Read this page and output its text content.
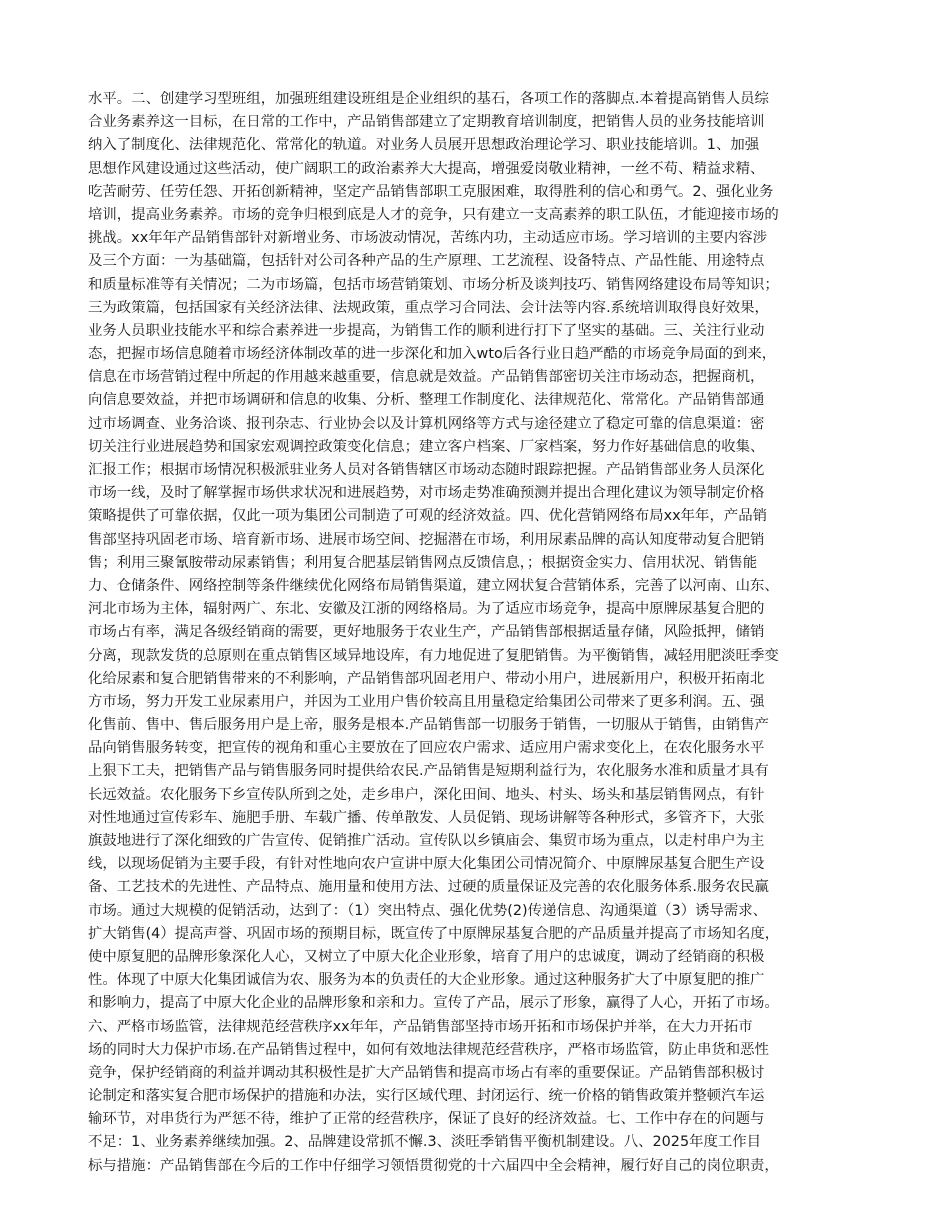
水平。二、创建学习型班组，加强班组建设班组是企业组织的基石，各项工作的落脚点.本着提高销售人员综
合业务素养这一目标，在日常的工作中，产品销售部建立了定期教育培训制度，把销售人员的业务技能培训
纳入了制度化、法律规范化、常常化的轨道。对业务人员展开思想政治理论学习、职业技能培训。1、加强
思想作风建设通过这些活动，使广阔职工的政治素养大大提高，增强爱岗敬业精神，一丝不苟、精益求精、
吃苦耐劳、任劳任怨、开拓创新精神，坚定产品销售部职工克服困难，取得胜利的信心和勇气。2、强化业务
培训，提高业务素养。市场的竞争归根到底是人才的竞争，只有建立一支高素养的职工队伍，才能迎接市场的
挑战。xx年年产品销售部针对新增业务、市场波动情况，苦练内功，主动适应市场。学习培训的主要内容涉
及三个方面：一为基础篇，包括针对公司各种产品的生产原理、工艺流程、设备特点、产品性能、用途特点
和质量标准等有关情况；二为市场篇，包括市场营销策划、市场分析及谈判技巧、销售网络建设布局等知识；
三为政策篇，包括国家有关经济法律、法规政策，重点学习合同法、会计法等内容.系统培训取得良好效果，
业务人员职业技能水平和综合素养进一步提高，为销售工作的顺利进行打下了坚实的基础。三、关注行业动
态，把握市场信息随着市场经济体制改革的进一步深化和加入wto后各行业日趋严酷的市场竞争局面的到来，
信息在市场营销过程中所起的作用越来越重要，信息就是效益。产品销售部密切关注市场动态，把握商机，
向信息要效益，并把市场调研和信息的收集、分析、整理工作制度化、法律规范化、常常化。产品销售部通
过市场调查、业务洽谈、报刊杂志、行业协会以及计算机网络等方式与途径建立了稳定可靠的信息渠道：密
切关注行业进展趋势和国家宏观调控政策变化信息；建立客户档案、厂家档案，努力作好基础信息的收集、
汇报工作；根据市场情况积极派驻业务人员对各销售辖区市场动态随时跟踪把握。产品销售部业务人员深化
市场一线，及时了解掌握市场供求状况和进展趋势，对市场走势准确预测并提出合理化建议为领导制定价格
策略提供了可靠依据，仅此一项为集团公司制造了可观的经济效益。四、优化营销网络布局xx年年，产品销
售部坚持巩固老市场、培育新市场、进展市场空间、挖掘潜在市场，利用尿素品牌的高认知度带动复合肥销
售；利用三聚氰胺带动尿素销售；利用复合肥基层销售网点反馈信息，；根据资金实力、信用状况、销售能
力、仓储条件、网络控制等条件继续优化网络布局销售渠道，建立网状复合营销体系，完善了以河南、山东、
河北市场为主体，辐射两广、东北、安徽及江浙的网络格局。为了适应市场竞争，提高中原牌尿基复合肥的
市场占有率，满足各级经销商的需要，更好地服务于农业生产，产品销售部根据适量存储，风险抵押，储销
分离，现款发货的总原则在重点销售区域异地设库，有力地促进了复肥销售。为平衡销售，减轻用肥淡旺季变
化给尿素和复合肥销售带来的不利影响，产品销售部巩固老用户、带动小用户，进展新用户，积极开拓南北
方市场，努力开发工业尿素用户，并因为工业用户售价较高且用量稳定给集团公司带来了更多利润。五、强
化售前、售中、售后服务用户是上帝，服务是根本.产品销售部一切服务于销售，一切服从于销售，由销售产
品向销售服务转变，把宣传的视角和重心主要放在了回应农户需求、适应用户需求变化上，在农化服务水平
上狠下工夫，把销售产品与销售服务同时提供给农民.产品销售是短期利益行为，农化服务水准和质量才具有
长远效益。农化服务下乡宣传队所到之处，走乡串户，深化田间、地头、村头、场头和基层销售网点，有针
对性地通过宣传彩车、施肥手册、车载广播、传单散发、人员促销、现场讲解等各种形式，多管齐下，大张
旗鼓地进行了深化细致的广告宣传、促销推广活动。宣传队以乡镇庙会、集贸市场为重点，以走村串户为主
线，以现场促销为主要手段，有针对性地向农户宣讲中原大化集团公司情况简介、中原牌尿基复合肥生产设
备、工艺技术的先进性、产品特点、施用量和使用方法、过硬的质量保证及完善的农化服务体系.服务农民赢
市场。通过大规模的促销活动，达到了：（1）突出特点、强化优势(2)传递信息、沟通渠道（3）诱导需求、
扩大销售(4）提高声誉、巩固市场的预期目标，既宣传了中原牌尿基复合肥的产品质量并提高了市场知名度，
使中原复肥的品牌形象深化人心，又树立了中原大化企业形象，培育了用户的忠诚度，调动了经销商的积极
性。体现了中原大化集团诚信为农、服务为本的负责任的大企业形象。通过这种服务扩大了中原复肥的推广
和影响力，提高了中原大化企业的品牌形象和亲和力。宣传了产品，展示了形象，赢得了人心，开拓了市场。
六、严格市场监管，法律规范经营秩序xx年年，产品销售部坚持市场开拓和市场保护并举，在大力开拓市
场的同时大力保护市场.在产品销售过程中，如何有效地法律规范经营秩序，严格市场监管，防止串货和恶性
竞争，保护经销商的利益并调动其积极性是扩大产品销售和提高市场占有率的重要保证。产品销售部积极讨
论制定和落实复合肥市场保护的措施和办法，实行区域代理、封闭运行、统一价格的销售政策并整顿汽车运
输环节，对串货行为严惩不待，维护了正常的经营秩序，保证了良好的经济效益。七、工作中存在的问题与
不足：1、业务素养继续加强。2、品牌建设常抓不懈.3、淡旺季销售平衡机制建设。八、2025年度工作目
标与措施：产品销售部在今后的工作中仔细学习领悟贯彻党的十六届四中全会精神，履行好自己的岗位职责，
